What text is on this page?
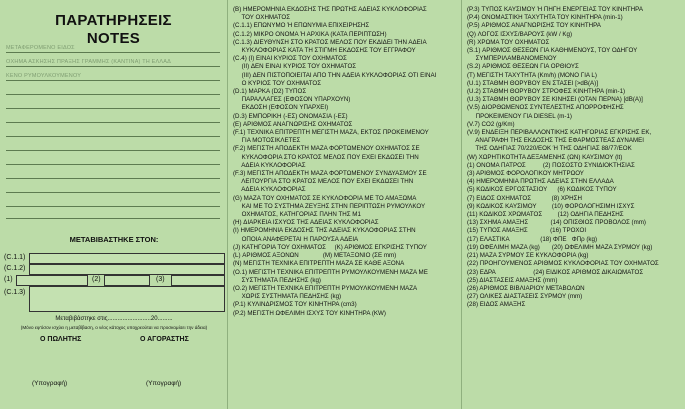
ΠΑΡΑΤΗΡΗΣΕΙΣ
NOTES
ΜΕΤΑΦΕΡΟΜΕΝΟ ΕΙΔΟΣ
ΟΧΗΜΑ ΑΣΚΗΣΗΣ ΠΡΑΞΗΣ ΓΡΑΜΜΗΣ (ΚΑΝΤΙΝΑ) ΤΗ ΕΛΛΑΔ
ΚΕΝΟ ΡΥΜΟΥΛΚΟΥΜΕΝΟΥ
ΜΕΤΑΒΙΒΑΣΤΗΚΕ ΣΤΟΝ:
(C.1.1)
(C.1.2)
(1)	(2)	(3)
(C.1.3)
Μεταβιβάστηκε στις..........................20.........
(Μόνο εφ'όσον ισχύει η μεταβίβαση, ο νέος κάτοχος υποχρεούται να προσκομίσει την άδεια)
Ο ΠΩΛΗΤΗΣ	Ο ΑΓΟΡΑΣΤΗΣ
(Υπογραφή)	(Υπογραφή)
(B) ΗΜΕΡΟΜΗΝΙΑ ΕΚΔΟΣΗΣ ΤΗΣ ΠΡΩΤΗΣ ΑΔΕΙΑΣ ΚΥΚΛΟΦΟΡΙΑΣ
ΤΟΥ ΟΧΗΜΑΤΟΣ
(C.1.1) ΕΠΩΝΥΜΟ Ή ΕΠΩΝΥΜΙΑ ΕΠΙΧΕΙΡΗΣΗΣ
(C.1.2) ΜΙΚΡΟ ΟΝΟΜΑ Ή ΑΡΧΙΚΑ (ΚΑΤΑ ΠΕΡΙΠΤΩΣΗ)
(C.1.3) ΔΙΕΥΘΥΝΣΗ ΣΤΟ ΚΡΑΤΟΣ ΜΕΛΟΣ ΠΟΥ ΕΚΔΙΔΕΙ ΤΗΝ ΑΔΕΙΑ
ΚΥΚΛΟΦΟΡΙΑΣ ΚΑΤΑ ΤΗ ΣΤΙΓΜΗ ΕΚΔΟΣΗΣ ΤΟΥ ΕΓΓΡΑΦΟΥ
(C.4) (I) ΕΙΝΑΙ ΚΥΡΙΟΣ ΤΟΥ ΟΧΗΜΑΤΟΣ
(II) ΔΕΝ ΕΙΝΑΙ ΚΥΡΙΟΣ ΤΟΥ ΟΧΗΜΑΤΟΣ
(III) ΔΕΝ ΠΙΣΤΟΠΟΙΕΙΤΑΙ ΑΠΟ ΤΗΝ ΑΔΕΙΑ ΚΥΚΛΟΦΟΡΙΑΣ ΟΤΙ ΕΙΝΑΙ
Ο ΚΥΡΙΟΣ ΤΟΥ ΟΧΗΜΑΤΟΣ
(D.1) ΜΑΡΚΑ (D2) ΤΥΠΟΣ
ΠΑΡΑΛΛΑΓΕΣ (ΕΦΟΣΟΝ ΥΠΑΡΧΟΥΝ)
ΕΚΔΟΣΗ (ΕΦΟΣΟΝ ΥΠΑΡΧΕΙ)
(D.3) ΕΜΠΟΡΙΚΗ (-ΕΣ) ΟΝΟΜΑΣΙΑ (-ΕΣ)
(E) ΑΡΙΘΜΟΣ ΑΝΑΓΝΩΡΙΣΗΣ ΟΧΗΜΑΤΟΣ
(F.1) ΤΕΧΝΙΚΑ ΕΠΙΤΡΕΠΤΗ ΜΕΓΙΣΤΗ ΜΑΖΑ, ΕΚΤΟΣ ΠΡΟΚΕΙΜΕΝΟΥ
ΓΙΑ ΜΟΤΟΣΙΚΛΕΤΕΣ
(F.2) ΜΕΓΙΣΤΗ ΑΠΟΔΕΚΤΗ ΜΑΖΑ ΦΟΡΤΩΜΕΝΟΥ ΟΧΗΜΑΤΟΣ ΣΕ
ΚΥΚΛΟΦΟΡΙΑ ΣΤΟ ΚΡΑΤΟΣ ΜΕΛΟΣ ΠΟΥ ΕΧΕΙ ΕΚΔΩΣΕΙ ΤΗΝ
ΑΔΕΙΑ ΚΥΚΛΟΦΟΡΙΑΣ
(F.3) ΜΕΓΙΣΤΗ ΑΠΟΔΕΚΤΗ ΜΑΖΑ ΦΟΡΤΩΜΕΝΟΥ ΣΥΝΔΥΑΣΜΟΥ ΣΕ
ΛΕΙΤΟΥΡΓΙΑ ΣΤΟ ΚΡΑΤΟΣ ΜΕΛΟΣ ΠΟΥ ΕΧΕΙ ΕΚΔΩΣΕΙ ΤΗΝ
ΑΔΕΙΑ ΚΥΚΛΟΦΟΡΙΑΣ
(G) ΜΑΖΑ ΤΟΥ ΟΧΗΜΑΤΟΣ ΣΕ ΚΥΚΛΟΦΟΡΙΑ ΜΕ ΤΟ ΑΜΑΞΩΜΑ
ΚΑΙ ΜΕ ΤΟ ΣΥΣΤΗΜΑ ΖΕΥΞΗΣ ΣΤΗΝ ΠΕΡΙΠΤΩΣΗ ΡΥΜΟΥΛΚΟΥ
ΟΧΗΜΑΤΟΣ, ΚΑΤΗΓΟΡΙΑΣ ΠΛΗΝ ΤΗΣ Μ1
(H) ΔΙΑΡΚΕΙΑ ΙΣΧΥΟΣ ΤΗΣ ΑΔΕΙΑΣ ΚΥΚΛΟΦΟΡΙΑΣ
(I) ΗΜΕΡΟΜΗΝΙΑ ΕΚΔΟΣΗΣ ΤΗΣ ΑΔΕΙΑΣ ΚΥΚΛΟΦΟΡΙΑΣ ΣΤΗΝ
ΟΠΟΙΑ ΑΝΑΦΕΡΕΤΑΙ Η ΠΑΡΟΥΣΑ ΑΔΕΙΑ
(J) ΚΑΤΗΓΟΡΙΑ ΤΟΥ ΟΧΗΜΑΤΟΣ     (K) ΑΡΙΘΜΟΣ ΕΓΚΡΙΣΗΣ ΤΥΠΟΥ
(L) ΑΡΙΘΜΟΣ ΑΞΟΝΩΝ              (M) ΜΕΤΑΞΟΝΙΟ (ΣΕ mm)
(N) ΜΕΓΙΣΤΗ ΤΕΧΝΙΚΑ ΕΠΙΤΡΕΠΤΗ ΜΑΖΑ ΣΕ ΚΑΘΕ ΑΞΟΝΑ
(O.1) ΜΕΓΙΣΤΗ ΤΕΧΝΙΚΑ ΕΠΙΤΡΕΠΤΗ ΡΥΜΟΥΛΚΟΥΜΕΝΗ ΜΑΖΑ ΜΕ
ΣΥΣΤΗΜΑΤΑ ΠΕΔΗΣΗΣ (kg)
(O.2) ΜΕΓΙΣΤΗ ΤΕΧΝΙΚΑ ΕΠΙΤΡΕΠΤΗ ΡΥΜΟΥΛΚΟΥΜΕΝΗ ΜΑΖΑ
ΧΩΡΙΣ ΣΥΣΤΗΜΑΤΑ ΠΕΔΗΣΗΣ (kg)
(P.1) ΚΥΛΙΝΔΡΙΣΜΟΣ ΤΟΥ ΚΙΝΗΤΗΡΑ (cm3)
(P.2) ΜΕΓΙΣΤΗ ΩΦΕΛΙΜΗ ΙΣΧΥΣ ΤΟΥ ΚΙΝΗΤΗΡΑ (KW)
(P.3) ΤΥΠΟΣ ΚΑΥΣΙΜΟΥ Ή ΠΗΓΗ ΕΝΕΡΓΕΙΑΣ ΤΟΥ ΚΙΝΗΤΗΡΑ
(P.4) ΟΝΟΜΑΣΤΙΚΗ ΤΑΧΥΤΗΤΑ ΤΟΥ ΚΙΝΗΤΗΡΑ (min-1)
(P.5) ΑΡΙΘΜΟΣ ΑΝΑΓΝΩΡΙΣΗΣ ΤΟΥ ΚΙΝΗΤΗΡΑ
(Q) ΛΟΓΟΣ ΙΣΧΥΣ/ΒΑΡΟΥΣ (kW / Kg)
(R) ΧΡΩΜΑ ΤΟΥ ΟΧΗΜΑΤΟΣ
(S.1) ΑΡΙΘΜΟΣ ΘΕΣΕΩΝ ΓΙΑ ΚΑΘΗΜΕΝΟΥΣ, ΤΟΥ ΟΔΗΓΟΥ
ΣΥΜΠΕΡΙΛΑΜΒΑΝΟΜΕΝΟΥ
(S.2) ΑΡΙΘΜΟΣ ΘΕΣΕΩΝ ΓΙΑ ΟΡΘΙΟΥΣ
(T) ΜΕΓΙΣΤΗ ΤΑΧΥΤΗΤΑ (Km/h) (ΜΟΝΟ ΓΙΑ L)
(U.1) ΣΤΑΘΜΗ ΘΟΡΥΒΟΥ ΕΝ ΣΤΑΣΕΙ [>dB(A)]
(U.2) ΣΤΑΘΜΗ ΘΟΡΥΒΟΥ ΣΤΡΟΦΕΣ ΚΙΝΗΤΗΡΑ (min-1)
(U.3) ΣΤΑΘΜΗ ΘΟΡΥΒΟΥ ΣΕ ΚΙΝΗΣΕΙ (ΟΤΑΝ ΠΕΡΝΑ) [dB(A)]
(V.5) ΔΙΟΡΘΩΜΕΝΟΣ ΣΥΝΤΕΛΕΣΤΗΣ ΑΠΟΡΡΟΦΗΣΗΣ
ΠΡΟΚΕΙΜΕΝΟΥ ΓΙΑ DIESEL (m-1)
(V.7) CO2 (g/Km)
(V.9) ΕΝΔΕΙΞΗ ΠΕΡΙΒΑΛΛΟΝΤΙΚΗΣ ΚΑΤΗΓΟΡΙΑΣ ΕΓΚΡΙΣΗΣ ΕΚ,
ΑΝΑΓΡΑΦΗ ΤΗΣ ΕΚΔΟΣΗΣ ΤΗΣ ΕΦΑΡΜΟΣΤΕΑΣ ΔΥΝΑΜΕΙ
ΤΗΣ ΟΔΗΓΙΑΣ 70/220/ΕΟΚ Ή ΤΗΣ ΟΔΗΓΙΑΣ 88/77/ΕΟΚ
(W) ΧΩΡΗΤΙΚΟΤΗΤΑ ΔΕΞΑΜΕΝΗΣ (ΩΝ) ΚΑΥΣΙΜΟΥ (lt)
(1) ΟΝΟΜΑ ΠΑΤΡΟΣ          (2) ΠΟΣΟΣΤΟ ΣΥΝΙΔΙΟΚΤΗΣΙΑΣ
(3) ΑΡΙΘΜΟΣ ΦΟΡΟΛΟΓΙΚΟΥ ΜΗΤΡΩΟΥ
(4) ΗΜΕΡΟΜΗΝΙΑ ΠΡΩΤΗΣ ΑΔΕΙΑΣ ΣΤΗΝ ΕΛΛΑΔΑ
(5) ΚΩΔΙΚΟΣ ΕΡΓΟΣΤΑΣΙΟΥ      (6) ΚΩΔΙΚΟΣ ΤΥΠΟΥ
(7) ΕΙΔΟΣ ΟΧΗΜΑΤΟΣ            (8) ΧΡΗΣΗ
(9) ΚΩΔΙΚΟΣ ΚΑΥΣΙΜΟΥ         (10) ΦΟΡΟΛΟΓΗΣΙΜΗ ΙΣΧΥΣ
(11) ΚΩΔΙΚΟΣ ΧΡΩΜΑΤΟΣ         (12) ΟΔΗΓΙΑ ΠΕΔΗΣΗΣ
(13) ΣΧΗΜΑ ΑΜΑΞΗΣ             (14) ΟΠΙΣΘΙΟΣ ΠΡΟΒΟΛΟΣ (mm)
(15) ΤΥΠΟΣ ΑΜΑΞΗΣ             (16) ΤΡΟΧΟΙ
(17) ΕΛΑΣΤΙΚΑ                  (18) ΦΠΕ   ΦΠρ (kg)
(19) ΩΦΕΛΙΜΗ ΜΑΖΑ (kg)       (20) ΩΦΕΛΙΜΗ ΜΑΖΑ ΣΥΡΜΟΥ (kg)
(21) ΜΑΖΑ ΣΥΡΜΟΥ ΣΕ ΚΥΚΛΟΦΟΡΙΑ (kg)
(22) ΠΡΟΗΓΟΥΜΕΝΟΣ ΑΡΙΘΜΟΣ ΚΥΚΛΟΦΟΡΙΑΣ ΤΟΥ ΟΧΗΜΑΤΟΣ
(23) ΕΔΡΑ                      (24) ΕΙΔΙΚΟΣ ΑΡΙΘΜΟΣ ΔΙΚΑΙΩΜΑΤΟΣ
(25) ΔΙΑΣΤΑΣΕΙΣ ΑΜΑΞΗΣ (mm)
(26) ΑΡΙΘΜΟΣ ΒΙΒΛΙΑΡΙΟΥ ΜΕΤΑΒΟΛΩΝ
(27) ΟΛΙΚΕΣ ΔΙΑΣΤΑΣΕΙΣ ΣΥΡΜΟΥ (mm)
(28) ΕΙΔΟΣ ΑΜΑΞΗΣ
